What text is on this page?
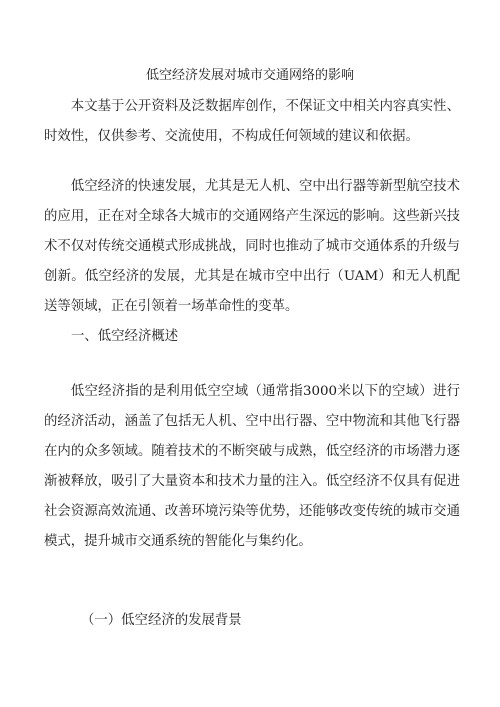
低空经济发展对城市交通网络的影响

本文基于公开资料及泛数据库创作，不保证文中相关内容真实性、时效性，仅供参考、交流使用，不构成任何领域的建议和依据。

低空经济的快速发展，尤其是无人机、空中出行器等新型航空技术的应用，正在对全球各大城市的交通网络产生深远的影响。这些新兴技术不仅对传统交通模式形成挑战，同时也推动了城市交通体系的升级与创新。低空经济的发展，尤其是在城市空中出行（UAM）和无人机配送等领域，正在引领着一场革命性的变革。

一、低空经济概述

低空经济指的是利用低空空域（通常指3000米以下的空域）进行的经济活动，涵盖了包括无人机、空中出行器、空中物流和其他飞行器在内的众多领域。随着技术的不断突破与成熟，低空经济的市场潜力逐渐被释放，吸引了大量资本和技术力量的注入。低空经济不仅具有促进社会资源高效流通、改善环境污染等优势，还能够改变传统的城市交通模式，提升城市交通系统的智能化与集约化。

（一）低空经济的发展背景
